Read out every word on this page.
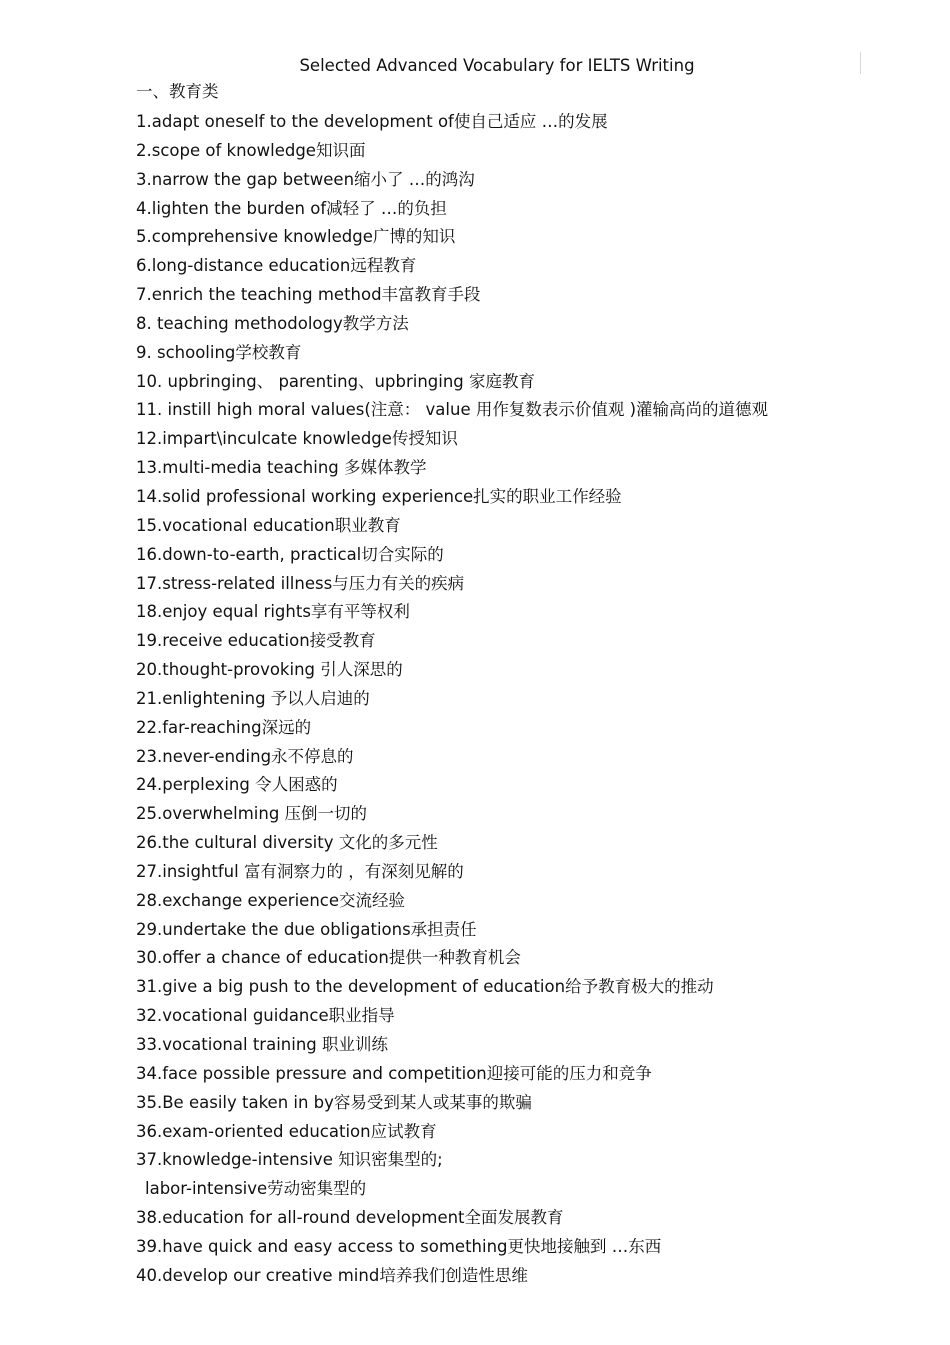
Selected Advanced Vocabulary for IELTS Writing
一、教育类
1.adapt oneself to the development of使自己适应 …的发展
2.scope of knowledge知识面
3.narrow the gap between缩小了 …的鸿沟
4.lighten the burden of减轻了 …的负担
5.comprehensive knowledge广博的知识
6.long-distance education远程教育
7.enrich the teaching method丰富教育手段
8. teaching methodology教学方法
9. schooling学校教育
10. upbringing、 parenting、upbringing 家庭教育
11. instill high moral values(注意： value 用作复数表示价值观 )灌输高尚的道德观
12.impart\inculcate knowledge传授知识
13.multi-media teaching 多媒体教学
14.solid professional working experience扎实的职业工作经验
15.vocational education职业教育
16.down-to-earth, practical切合实际的
17.stress-related illness与压力有关的疾病
18.enjoy equal rights享有平等权利
19.receive education接受教育
20.thought-provoking 引人深思的
21.enlightening 予以人启迪的
22.far-reaching深远的
23.never-ending永不停息的
24.perplexing 令人困惑的
25.overwhelming 压倒一切的
26.the cultural diversity 文化的多元性
27.insightful 富有洞察力的 ，有深刻见解的
28.exchange experience交流经验
29.undertake the due obligations承担责任
30.offer a chance of education提供一种教育机会
31.give a big push to the development of education给予教育极大的推动
32.vocational guidance职业指导
33.vocational training 职业训练
34.face possible pressure and competition迎接可能的压力和竞争
35.Be easily taken in by容易受到某人或某事的欺骗
36.exam-oriented education应试教育
37.knowledge-intensive 知识密集型的;
labor-intensive劳动密集型的
38.education for all-round development全面发展教育
39.have quick and easy access to something更快地接触到 …东西
40.develop our creative mind培养我们创造性思维
